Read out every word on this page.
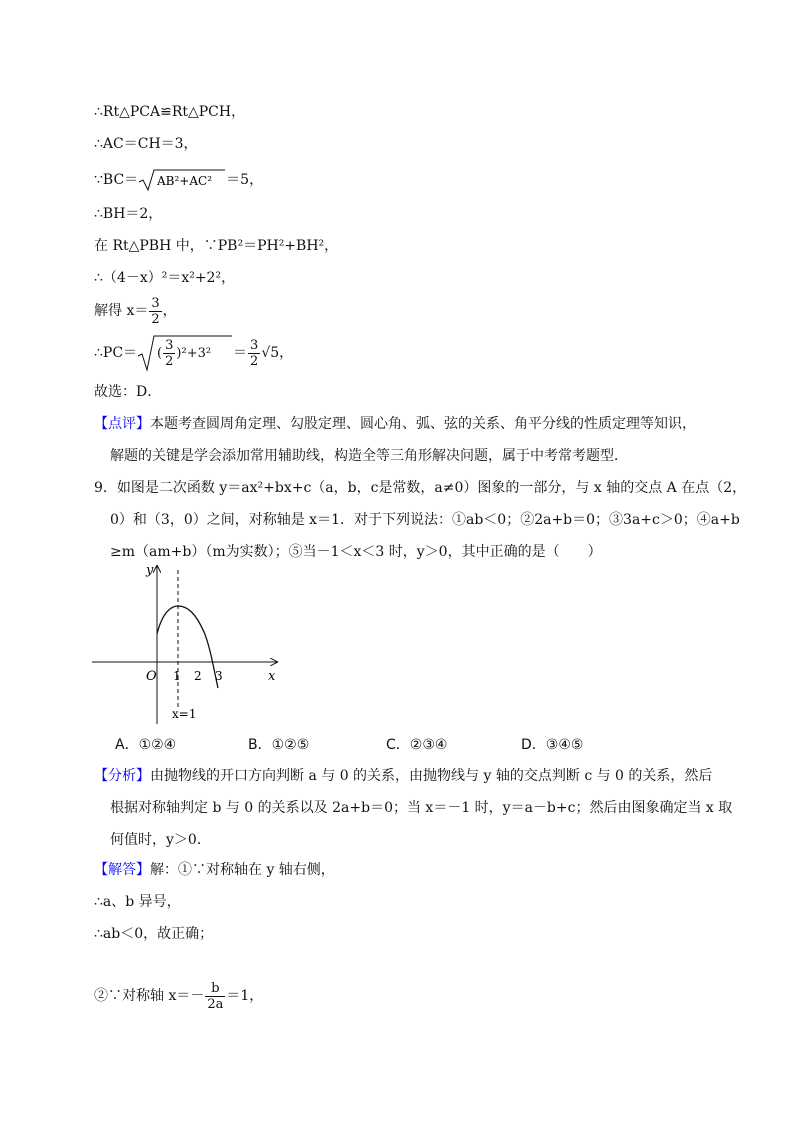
∴Rt△PCA≌Rt△PCH，
∴AC＝CH＝3，
∵BC＝ AB²+AC² ＝5，
∴BH＝2，
在 Rt△PBH 中，∵PB²＝PH²+BH²，
∴（4－x）²＝x²+2²，
解得 $x= \frac{3}{2}$ ，
∴PC＝ ( $\frac{3}{2} )^2+3^2 = \frac{3}{2} √5$，
故选：D．
【点评】本题考查圆周角定理、勾股定理、圆心角、弧、弦的关系、角平分线的性质定理等知识，
解题的关键是学会添加常用辅助线，构造全等三角形解决问题，属于中考常考题型．
9．如图是二次函数 y＝ax²+bx+c（a，b，c是常数，a≠0）图象的一部分，与 x 轴的交点 A 在点（2，
0）和（3，0）之间，对称轴是 x＝1．对于下列说法：①ab＜0；②2a+b＝0；③3a+c＞0；④a+b
≥m（am+b）（m为实数）；⑤当－1＜x＜3 时，y＞0，其中正确的是（　　）
y
x
O 1 2 3
x=1
A．①②④	B．①②⑤	C．②③④	D．③④⑤
【分析】由抛物线的开口方向判断 a 与 0 的关系，由抛物线与 y 轴的交点判断 c 与 0 的关系，然后
根据对称轴判定 b 与 0 的关系以及 2a+b＝0；当 x＝－1 时，y＝a－b+c；然后由图象确定当 x 取
何值时，y＞0．
【解答】解：①∵对称轴在 y 轴右侧，
∴a、b 异号，
∴ab＜0，故正确；
②∵对称轴 $x=- \frac{b}{2a} =1$，
